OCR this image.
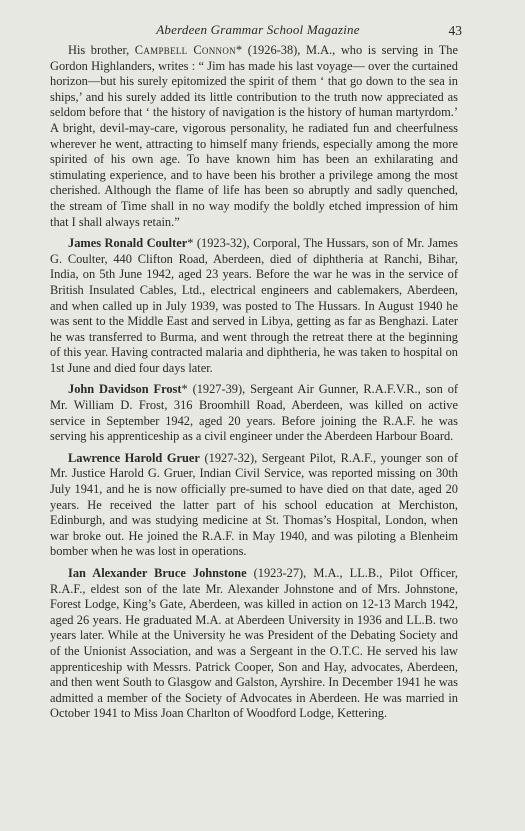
Aberdeen Grammar School Magazine	43

His brother, Campbell Connon* (1926-38), M.A., who is serving in The Gordon Highlanders, writes : “ Jim has made his last voyage— over the curtained horizon—but his surely epitomized the spirit of them ‘ that go down to the sea in ships,’ and his surely added its little contribution to the truth now appreciated as seldom before that ‘ the history of navigation is the history of human martyrdom.’ A bright, devil-may-care, vigorous personality, he radiated fun and cheerfulness wherever he went, attracting to himself many friends, especially among the more spirited of his own age. To have known him has been an exhilarating and stimulating experience, and to have been his brother a privilege among the most cherished. Although the flame of life has been so abruptly and sadly quenched, the stream of Time shall in no way modify the boldly etched impression of him that I shall always retain.”

James Ronald Coulter* (1923-32), Corporal, The Hussars, son of Mr. James G. Coulter, 440 Clifton Road, Aberdeen, died of diphtheria at Ranchi, Bihar, India, on 5th June 1942, aged 23 years. Before the war he was in the service of British Insulated Cables, Ltd., electrical engineers and cablemakers, Aberdeen, and when called up in July 1939, was posted to The Hussars. In August 1940 he was sent to the Middle East and served in Libya, getting as far as Benghazi. Later he was transferred to Burma, and went through the retreat there at the beginning of this year. Having contracted malaria and diphtheria, he was taken to hospital on 1st June and died four days later.

John Davidson Frost* (1927-39), Sergeant Air Gunner, R.A.F.V.R., son of Mr. William D. Frost, 316 Broomhill Road, Aberdeen, was killed on active service in September 1942, aged 20 years. Before joining the R.A.F. he was serving his apprenticeship as a civil engineer under the Aberdeen Harbour Board.

Lawrence Harold Gruer (1927-32), Sergeant Pilot, R.A.F., younger son of Mr. Justice Harold G. Gruer, Indian Civil Service, was reported missing on 30th July 1941, and he is now officially pre-sumed to have died on that date, aged 20 years. He received the latter part of his school education at Merchiston, Edinburgh, and was studying medicine at St. Thomas’s Hospital, London, when war broke out. He joined the R.A.F. in May 1940, and was piloting a Blenheim bomber when he was lost in operations.

Ian Alexander Bruce Johnstone (1923-27), M.A., LL.B., Pilot Officer, R.A.F., eldest son of the late Mr. Alexander Johnstone and of Mrs. Johnstone, Forest Lodge, King’s Gate, Aberdeen, was killed in action on 12-13 March 1942, aged 26 years. He graduated M.A. at Aberdeen University in 1936 and LL.B. two years later. While at the University he was President of the Debating Society and of the Unionist Association, and was a Sergeant in the O.T.C. He served his law apprenticeship with Messrs. Patrick Cooper, Son and Hay, advocates, Aberdeen, and then went South to Glasgow and Galston, Ayrshire. In December 1941 he was admitted a member of the Society of Advocates in Aberdeen. He was married in October 1941 to Miss Joan Charlton of Woodford Lodge, Kettering.
